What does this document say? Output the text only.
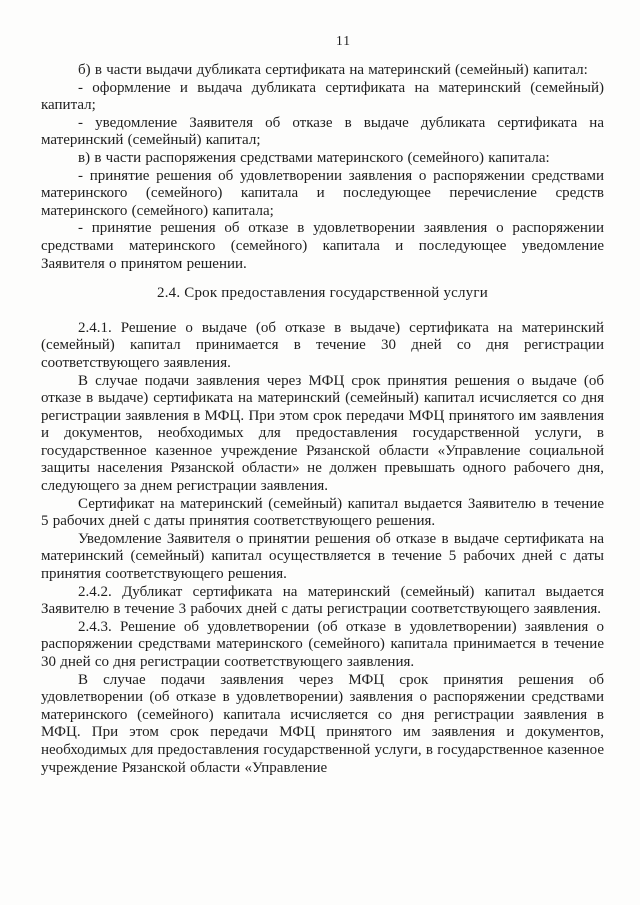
11

б) в части выдачи дубликата сертификата на материнский (семейный) капитал:

- оформление и выдача дубликата сертификата на материнский (семейный) капитал;

- уведомление Заявителя об отказе в выдаче дубликата сертификата на материнский (семейный) капитал;

в) в части распоряжения средствами материнского (семейного) капитала:

- принятие решения об удовлетворении заявления о распоряжении средствами материнского (семейного) капитала и последующее перечисление средств материнского (семейного) капитала;

- принятие решения об отказе в удовлетворении заявления о распоряжении средствами материнского (семейного) капитала и последующее уведомление Заявителя о принятом решении.

2.4. Срок предоставления государственной услуги

2.4.1. Решение о выдаче (об отказе в выдаче) сертификата на материнский (семейный) капитал принимается в течение 30 дней со дня регистрации соответствующего заявления.

В случае подачи заявления через МФЦ срок принятия решения о выдаче (об отказе в выдаче) сертификата на материнский (семейный) капитал исчисляется со дня регистрации заявления в МФЦ. При этом срок передачи МФЦ принятого им заявления и документов, необходимых для предоставления государственной услуги, в государственное казенное учреждение Рязанской области «Управление социальной защиты населения Рязанской области» не должен превышать одного рабочего дня, следующего за днем регистрации заявления.

Сертификат на материнский (семейный) капитал выдается Заявителю в течение 5 рабочих дней с даты принятия соответствующего решения.

Уведомление Заявителя о принятии решения об отказе в выдаче сертификата на материнский (семейный) капитал осуществляется в течение 5 рабочих дней с даты принятия соответствующего решения.

2.4.2. Дубликат сертификата на материнский (семейный) капитал выдается Заявителю в течение 3 рабочих дней с даты регистрации соответствующего заявления.

2.4.3. Решение об удовлетворении (об отказе в удовлетворении) заявления о распоряжении средствами материнского (семейного) капитала принимается в течение 30 дней со дня регистрации соответствующего заявления.

В случае подачи заявления через МФЦ срок принятия решения об удовлетворении (об отказе в удовлетворении) заявления о распоряжении средствами материнского (семейного) капитала исчисляется со дня регистрации заявления в МФЦ. При этом срок передачи МФЦ принятого им заявления и документов, необходимых для предоставления государственной услуги, в государственное казенное учреждение Рязанской области «Управление
